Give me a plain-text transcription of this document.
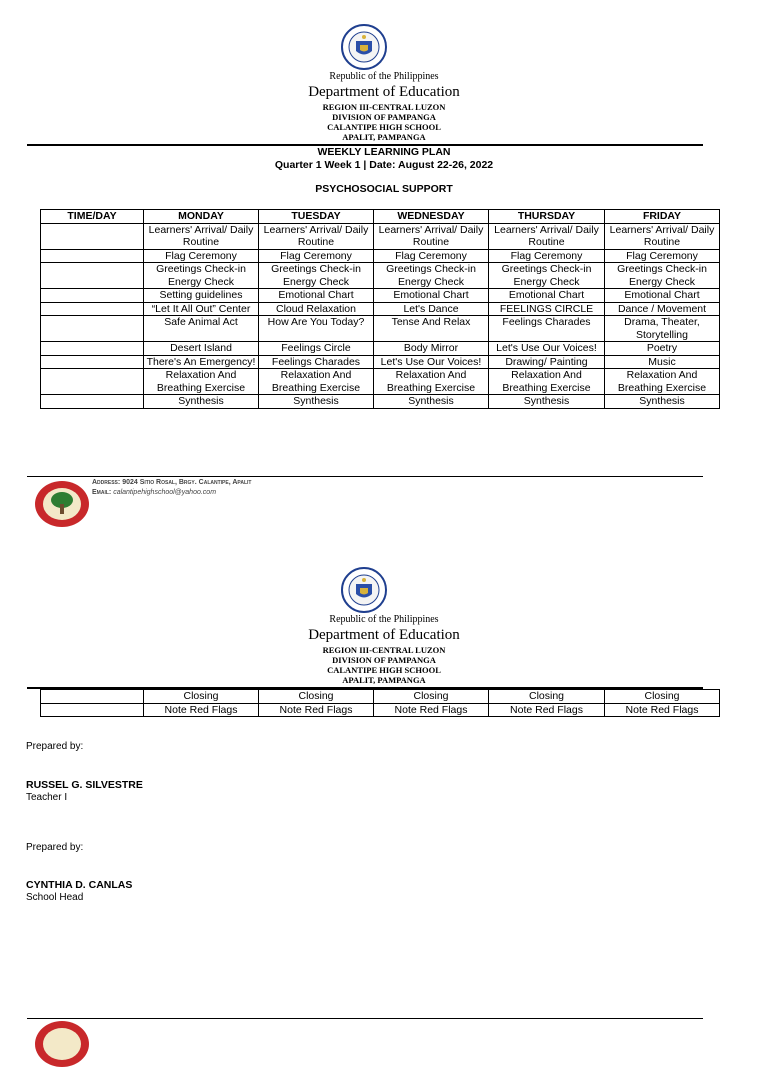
Republic of the Philippines
Department of Education
REGION III-CENTRAL LUZON
DIVISION OF PAMPANGA
CALANTIPE HIGH SCHOOL
APALIT, PAMPANGA
WEEKLY LEARNING PLAN
Quarter 1 Week 1 | Date: August 22-26, 2022
PSYCHOSOCIAL SUPPORT
TIME/DAY	MONDAY	TUESDAY	WEDNESDAY	THURSDAY	FRIDAY
	Learners' Arrival/ Daily Routine	Learners' Arrival/ Daily Routine	Learners' Arrival/ Daily Routine	Learners' Arrival/ Daily Routine	Learners' Arrival/ Daily Routine
	Flag Ceremony	Flag Ceremony	Flag Ceremony	Flag Ceremony	Flag Ceremony
	Greetings Check-in Energy Check	Greetings Check-in Energy Check	Greetings Check-in Energy Check	Greetings Check-in Energy Check	Greetings Check-in Energy Check
	Setting guidelines	Emotional Chart	Emotional Chart	Emotional Chart	Emotional Chart
	“Let It All Out” Center	Cloud Relaxation	Let's Dance	FEELINGS CIRCLE	Dance / Movement
	Safe Animal Act	How Are You Today?	Tense And Relax	Feelings Charades	Drama, Theater, Storytelling
	Desert Island	Feelings Circle	Body Mirror	Let's Use Our Voices!	Poetry
	There's An Emergency!	Feelings Charades	Let's Use Our Voices!	Drawing/ Painting	Music
	Relaxation And Breathing Exercise	Relaxation And Breathing Exercise	Relaxation And Breathing Exercise	Relaxation And Breathing Exercise	Relaxation And Breathing Exercise
	Synthesis	Synthesis	Synthesis	Synthesis	Synthesis
Address: 9024 Sitio Rosal, Brgy. Calantipe, Apalit
Email: calantipehighschool@yahoo.com
Republic of the Philippines
Department of Education
REGION III-CENTRAL LUZON
DIVISION OF PAMPANGA
CALANTIPE HIGH SCHOOL
APALIT, PAMPANGA
	Closing	Closing	Closing	Closing	Closing
	Note Red Flags	Note Red Flags	Note Red Flags	Note Red Flags	Note Red Flags
Prepared by:
RUSSEL G. SILVESTRE
Teacher I
Prepared by:
CYNTHIA D. CANLAS
School Head
